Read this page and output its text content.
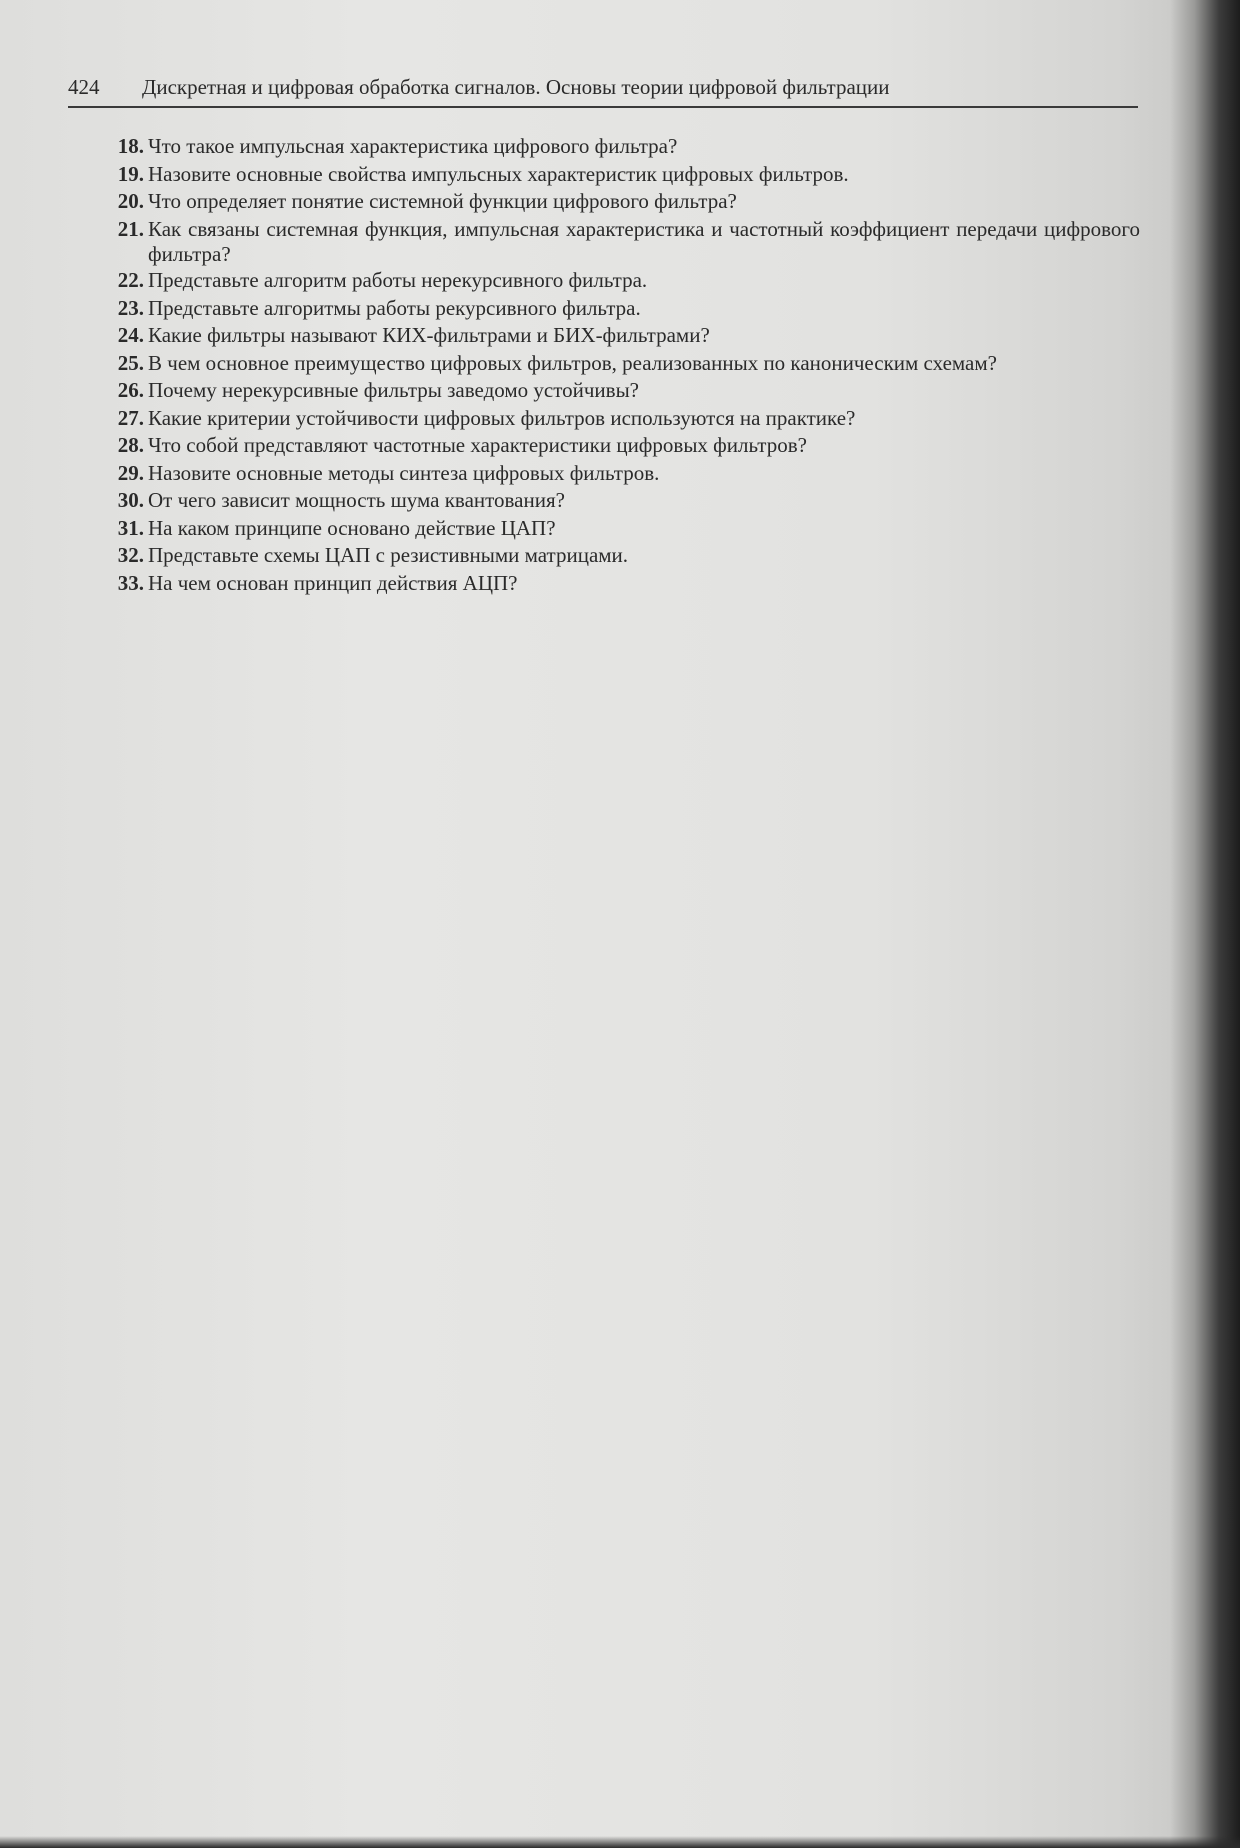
424 Дискретная и цифровая обработка сигналов. Основы теории цифровой фильтрации
18. Что такое импульсная характеристика цифрового фильтра?
19. Назовите основные свойства импульсных характеристик цифровых фильтров.
20. Что определяет понятие системной функции цифрового фильтра?
21. Как связаны системная функция, импульсная характеристика и частотный коэффициент передачи цифрового фильтра?
22. Представьте алгоритм работы нерекурсивного фильтра.
23. Представьте алгоритмы работы рекурсивного фильтра.
24. Какие фильтры называют КИХ-фильтрами и БИХ-фильтрами?
25. В чем основное преимущество цифровых фильтров, реализованных по каноническим схемам?
26. Почему нерекурсивные фильтры заведомо устойчивы?
27. Какие критерии устойчивости цифровых фильтров используются на практике?
28. Что собой представляют частотные характеристики цифровых фильтров?
29. Назовите основные методы синтеза цифровых фильтров.
30. От чего зависит мощность шума квантования?
31. На каком принципе основано действие ЦАП?
32. Представьте схемы ЦАП с резистивными матрицами.
33. На чем основан принцип действия АЦП?
